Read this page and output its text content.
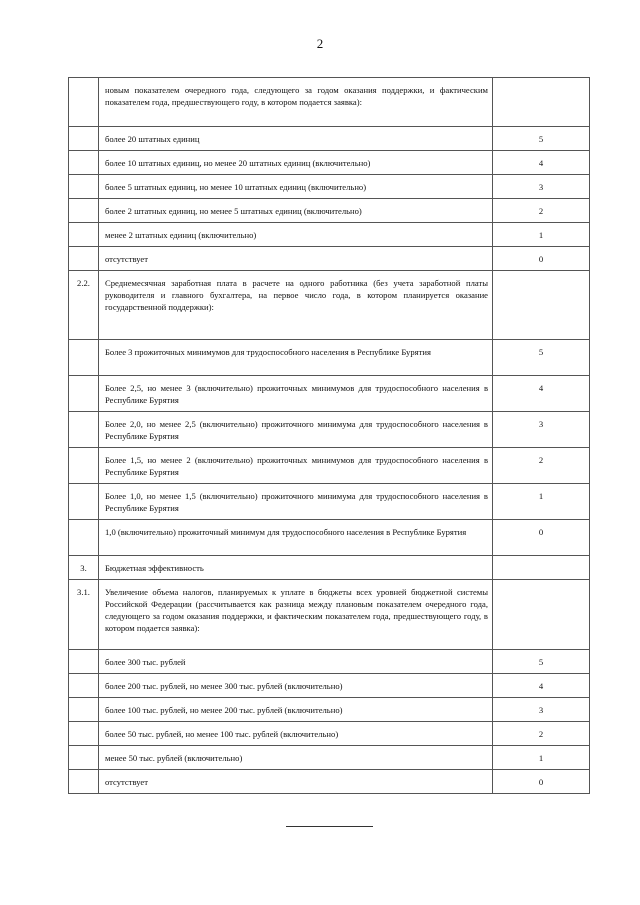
2
	новым показателем очередного года, следующего за годом оказания поддержки, и фактическим показателем года, предшествующего году, в котором подается заявка):	
	более 20 штатных единиц	5
	более 10 штатных единиц, но менее 20 штатных единиц (включительно)	4
	более 5 штатных единиц, но менее 10 штатных единиц (включительно)	3
	более 2 штатных единиц, но менее 5 штатных единиц (включительно)	2
	менее 2 штатных единиц (включительно)	1
	отсутствует	0
2.2.	Среднемесячная заработная плата в расчете на одного работника (без учета заработной платы руководителя и главного бухгалтера, на первое число года, в котором планируется оказание государственной поддержки):	
	Более 3 прожиточных минимумов для трудоспособного населения в Республике Бурятия	5
	Более 2,5, но менее 3 (включительно) прожиточных минимумов для трудоспособного населения в Республике Бурятия	4
	Более 2,0, но менее 2,5 (включительно) прожиточного минимума для трудоспособного населения в Республике Бурятия	3
	Более 1,5, но менее 2 (включительно) прожиточных минимумов для трудоспособного населения в Республике Бурятия	2
	Более 1,0, но менее 1,5 (включительно) прожиточного минимума для трудоспособного населения в Республике Бурятия	1
	1,0 (включительно) прожиточный минимум для трудоспособного населения в Республике Бурятия	0
3.	Бюджетная эффективность	
3.1.	Увеличение объема налогов, планируемых к уплате в бюджеты всех уровней бюджетной системы Российской Федерации (рассчитывается как разница между плановым показателем очередного года, следующего за годом оказания поддержки, и фактическим показателем года, предшествующего году, в котором подается заявка):	
	более 300 тыс. рублей	5
	более 200 тыс. рублей, но менее 300 тыс. рублей (включительно)	4
	более 100 тыс. рублей, но менее 200 тыс. рублей (включительно)	3
	более 50 тыс. рублей, но менее 100 тыс. рублей (включительно)	2
	менее 50 тыс. рублей (включительно)	1
	отсутствует	0
